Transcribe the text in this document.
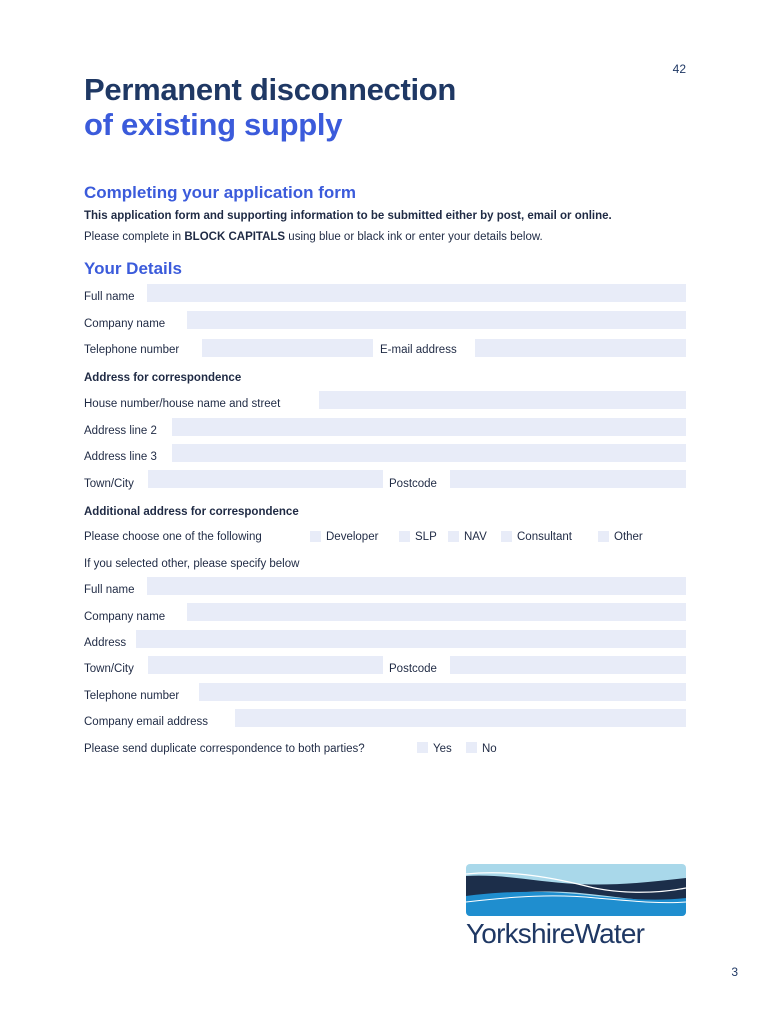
42
Permanent disconnection
of existing supply
Completing your application form
This application form and supporting information to be submitted either by post, email or online.
Please complete in BLOCK CAPITALS using blue or black ink or enter your details below.
Your Details
Full name
Company name
Telephone number	E-mail address
Address for correspondence
House number/house name and street
Address line 2
Address line 3
Town/City	Postcode
Additional address for correspondence
Please choose one of the following	Developer	SLP NAV	Consultant	Other
If you selected other, please specify below
Full name
Company name
Address
Town/City	Postcode
Telephone number
Company email address
Please send duplicate correspondence to both parties?	Yes	No
YorkshireWater
3
